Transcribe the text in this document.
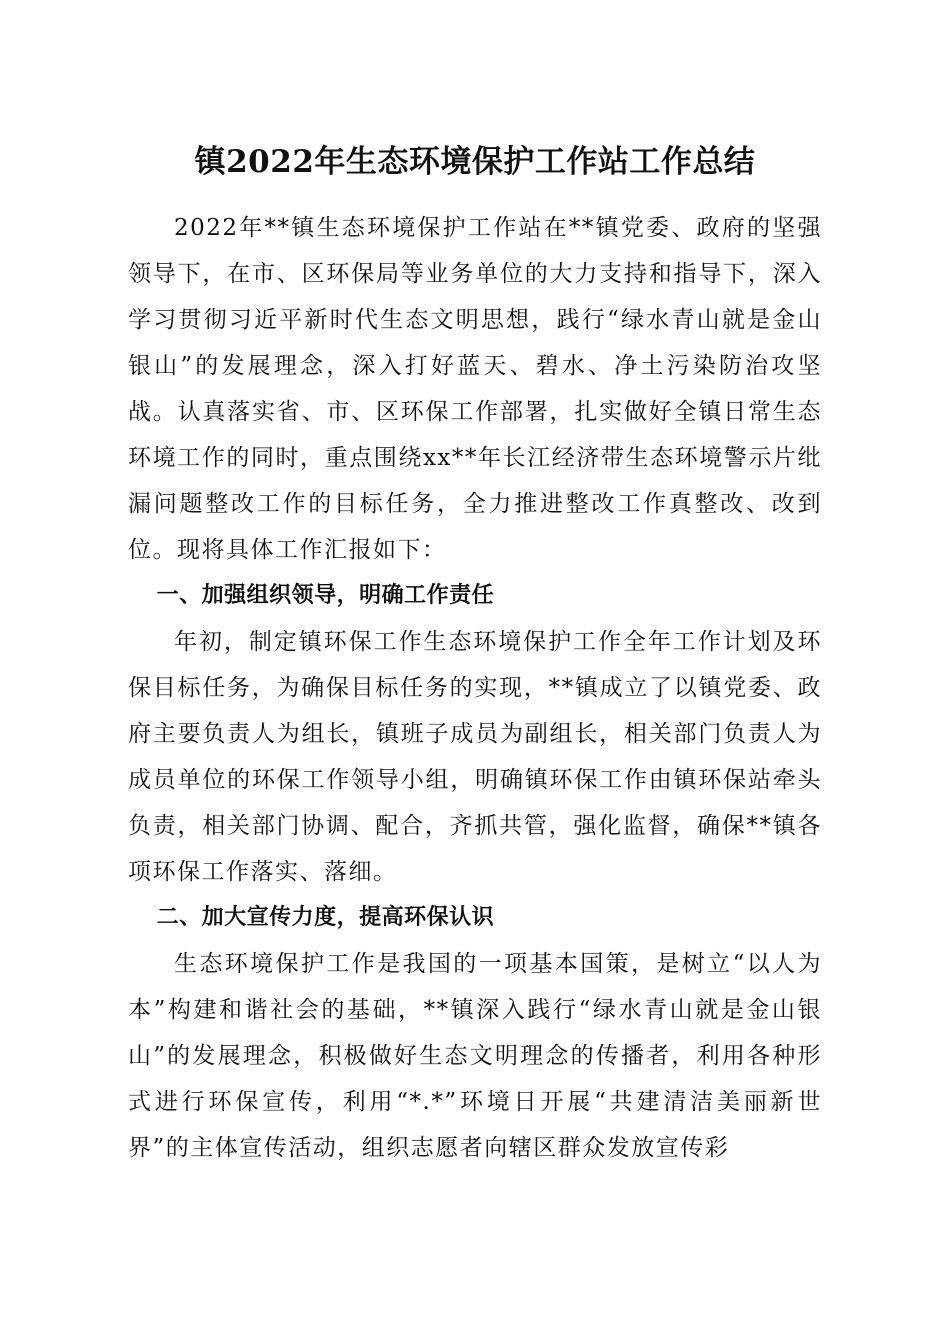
镇2022年生态环境保护工作站工作总结

2022年**镇生态环境保护工作站在**镇党委、政府的坚强领导下，在市、区环保局等业务单位的大力支持和指导下，深入学习贯彻习近平新时代生态文明思想，践行“绿水青山就是金山银山”的发展理念，深入打好蓝天、碧水、净土污染防治攻坚战。认真落实省、市、区环保工作部署，扎实做好全镇日常生态环境工作的同时，重点围绕xx**年长江经济带生态环境警示片纰漏问题整改工作的目标任务，全力推进整改工作真整改、改到位。现将具体工作汇报如下：

一、加强组织领导，明确工作责任

年初，制定镇环保工作生态环境保护工作全年工作计划及环保目标任务，为确保目标任务的实现，**镇成立了以镇党委、政府主要负责人为组长，镇班子成员为副组长，相关部门负责人为成员单位的环保工作领导小组，明确镇环保工作由镇环保站牵头负责，相关部门协调、配合，齐抓共管，强化监督，确保**镇各项环保工作落实、落细。

二、加大宣传力度，提高环保认识

生态环境保护工作是我国的一项基本国策，是树立“以人为本”构建和谐社会的基础，**镇深入践行“绿水青山就是金山银山”的发展理念，积极做好生态文明理念的传播者，利用各种形式进行环保宣传，利用“*.*”环境日开展“共建清洁美丽新世界”的主体宣传活动，组织志愿者向辖区群众发放宣传彩
